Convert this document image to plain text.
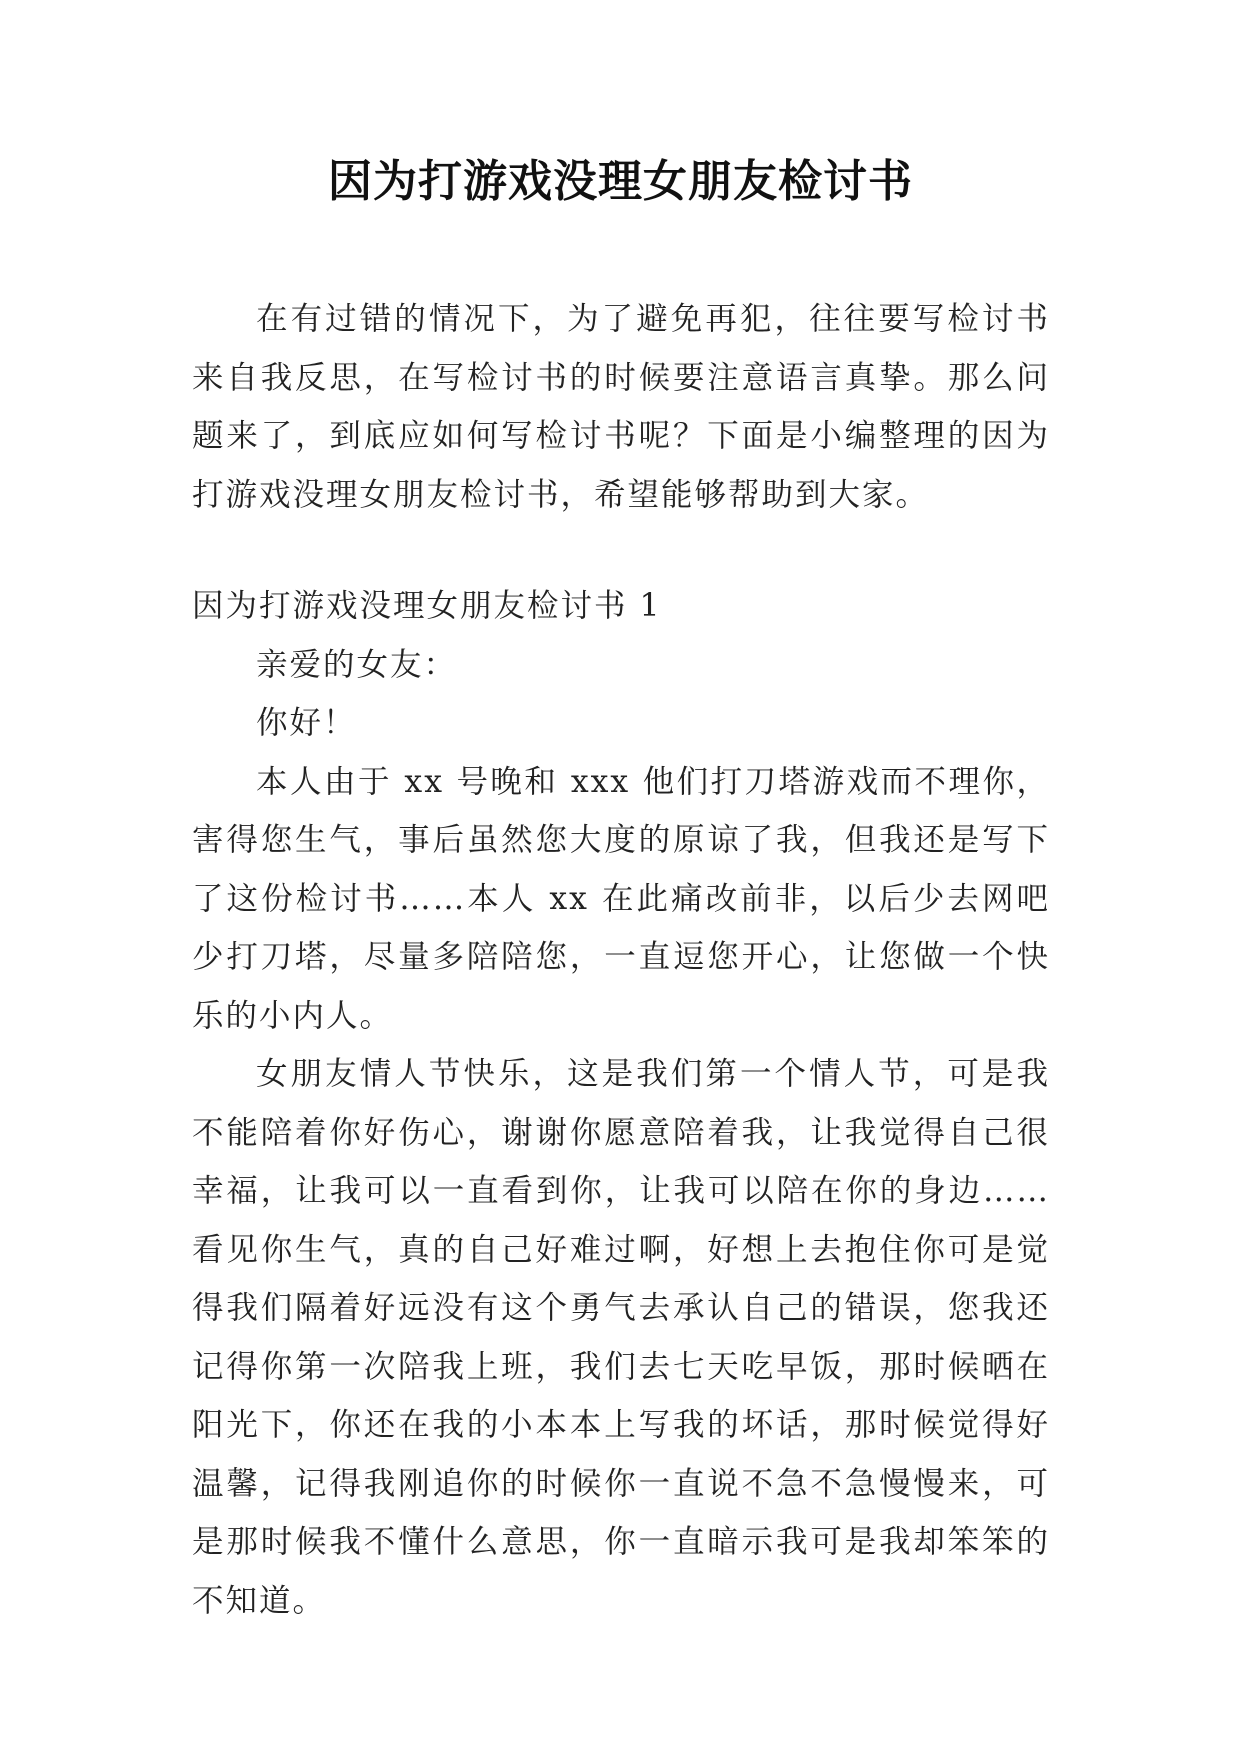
因为打游戏没理女朋友检讨书

在有过错的情况下，为了避免再犯，往往要写检讨书来自我反思，在写检讨书的时候要注意语言真挚。那么问题来了，到底应如何写检讨书呢？下面是小编整理的因为打游戏没理女朋友检讨书，希望能够帮助到大家。

因为打游戏没理女朋友检讨书 1

亲爱的女友：

你好！

本人由于 xx 号晚和 xxx 他们打刀塔游戏而不理你，害得您生气，事后虽然您大度的原谅了我，但我还是写下了这份检讨书……本人 xx 在此痛改前非，以后少去网吧少打刀塔，尽量多陪陪您，一直逗您开心，让您做一个快乐的小内人。

女朋友情人节快乐，这是我们第一个情人节，可是我不能陪着你好伤心，谢谢你愿意陪着我，让我觉得自己很幸福，让我可以一直看到你，让我可以陪在你的身边……看见你生气，真的自己好难过啊，好想上去抱住你可是觉得我们隔着好远没有这个勇气去承认自己的错误，您我还记得你第一次陪我上班，我们去七天吃早饭，那时候晒在阳光下，你还在我的小本本上写我的坏话，那时候觉得好温馨，记得我刚追你的时候你一直说不急不急慢慢来，可是那时候我不懂什么意思，你一直暗示我可是我却笨笨的不知道。
